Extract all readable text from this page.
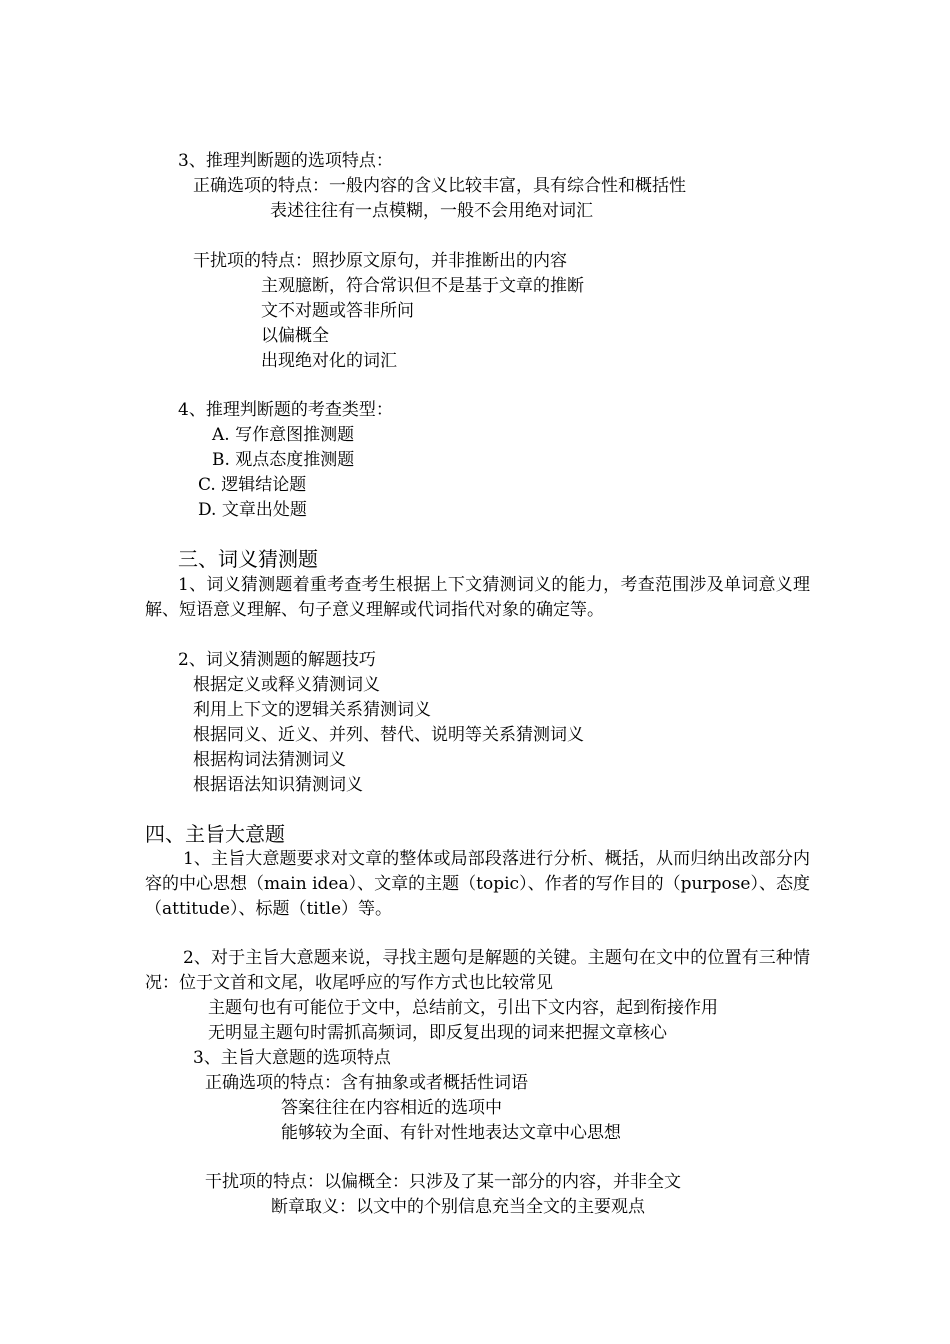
3、推理判断题的选项特点：
正确选项的特点：一般内容的含义比较丰富，具有综合性和概括性
表述往往有一点模糊，一般不会用绝对词汇
干扰项的特点：照抄原文原句，并非推断出的内容
主观臆断，符合常识但不是基于文章的推断
文不对题或答非所问
以偏概全
出现绝对化的词汇
4、推理判断题的考查类型：
A. 写作意图推测题
B. 观点态度推测题
C. 逻辑结论题
D. 文章出处题
三、词义猜测题
1、词义猜测题着重考查考生根据上下文猜测词义的能力，考查范围涉及单词意义理解、短语意义理解、句子意义理解或代词指代对象的确定等。
2、词义猜测题的解题技巧
根据定义或释义猜测词义
利用上下文的逻辑关系猜测词义
根据同义、近义、并列、替代、说明等关系猜测词义
根据构词法猜测词义
根据语法知识猜测词义
四、主旨大意题
1、主旨大意题要求对文章的整体或局部段落进行分析、概括，从而归纳出改部分内容的中心思想（main idea）、文章的主题（topic）、作者的写作目的（purpose）、态度（attitude）、标题（title）等。
2、对于主旨大意题来说，寻找主题句是解题的关键。主题句在文中的位置有三种情况：位于文首和文尾，收尾呼应的写作方式也比较常见
主题句也有可能位于文中，总结前文，引出下文内容，起到衔接作用
无明显主题句时需抓高频词，即反复出现的词来把握文章核心
3、主旨大意题的选项特点
正确选项的特点：含有抽象或者概括性词语
答案往往在内容相近的选项中
能够较为全面、有针对性地表达文章中心思想
干扰项的特点：以偏概全：只涉及了某一部分的内容，并非全文
断章取义：以文中的个别信息充当全文的主要观点
